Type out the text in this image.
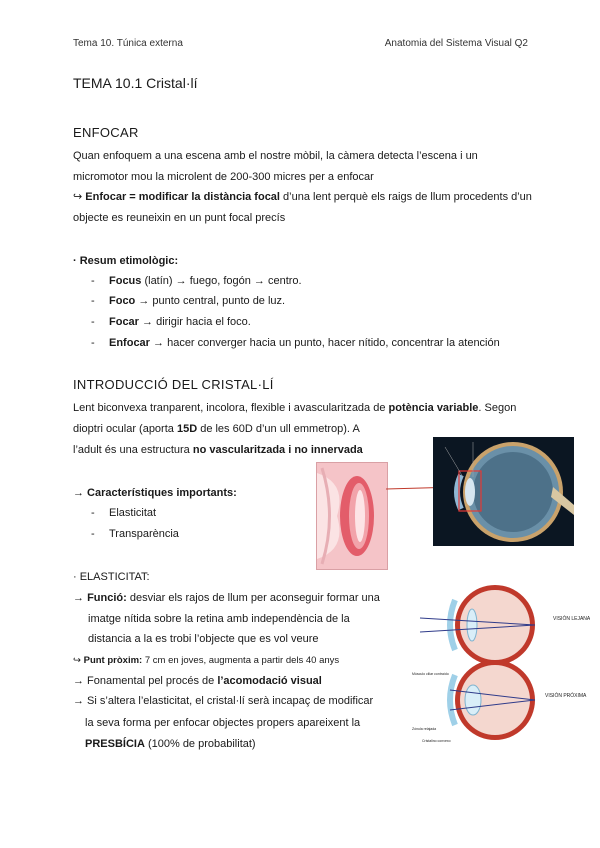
Tema 10. Túnica externa	Anatomia del Sistema Visual Q2
TEMA 10.1 Cristal·lí
ENFOCAR
Quan enfoquem a una escena amb el nostre mòbil, la càmera detecta l’escena i un
micromotor mou la microlent de 200-300 micres per a enfocar
↪ Enfocar = modificar la distància focal d’una lent perquè els raigs de llum procedents d’un
objecte es reuneixin en un punt focal precís
· Resum etimològic:
- Focus (latín) → fuego, fogón → centro.
- Foco → punto central, punto de luz.
- Focar → dirigir hacia el foco.
- Enfocar → hacer converger hacia un punto, hacer nítido, concentrar la atención
INTRODUCCIÓ DEL CRISTAL·LÍ
Lent biconvexa tranparent, incolora, flexible i avascularitzada de potència variable. Segon
dioptri ocular (aporta 15D de les 60D d’un ull emmetrop). A
l’adult és una estructura no vascularitzada i no innervada
→ Característiques importants:
- Elasticitat
- Transparència
· ELASTICITAT:
→ Funció: desviar els rajos de llum per aconseguir formar una
imatge nítida sobre la retina amb independència de la
distancia a la es trobi l’objecte que es vol veure
↪ Punt pròxim: 7 cm en joves, augmenta a partir dels 40 anys
→ Fonamental pel procés de l’acomodació visual
→ Si s’altera l’elasticitat, el cristal·lí serà incapaç de modificar
la seva forma per enfocar objectes propers apareixent la
PRESBÍCIA (100% de probabilitat)
VISIÓN LEJANA
VISIÓN PRÓXIMA
Músculo ciliar contraído
Zónula relajada
Cristalino convexo
